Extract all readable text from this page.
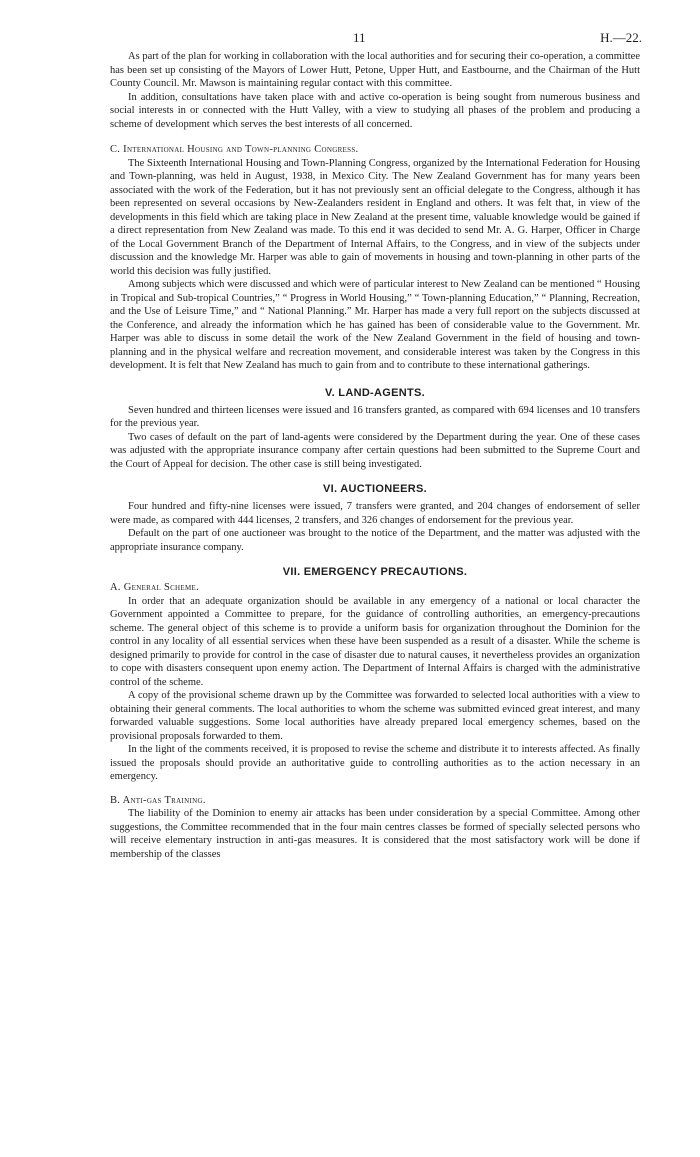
11	H.—22.

As part of the plan for working in collaboration with the local authorities and for securing their co-operation, a committee has been set up consisting of the Mayors of Lower Hutt, Petone, Upper Hutt, and Eastbourne, and the Chairman of the Hutt County Council. Mr. Mawson is maintaining regular contact with this committee.

In addition, consultations have taken place with and active co-operation is being sought from numerous business and social interests in or connected with the Hutt Valley, with a view to studying all phases of the problem and producing a scheme of development which serves the best interests of all concerned.

C. International Housing and Town-planning Congress.

The Sixteenth International Housing and Town-Planning Congress, organized by the International Federation for Housing and Town-planning, was held in August, 1938, in Mexico City. The New Zealand Government has for many years been associated with the work of the Federation, but it has not previously sent an official delegate to the Congress, although it has been represented on several occasions by New-Zealanders resident in England and others. It was felt that, in view of the developments in this field which are taking place in New Zealand at the present time, valuable knowledge would be gained if a direct representation from New Zealand was made. To this end it was decided to send Mr. A. G. Harper, Officer in Charge of the Local Government Branch of the Department of Internal Affairs, to the Congress, and in view of the subjects under discussion and the knowledge Mr. Harper was able to gain of movements in housing and town-planning in other parts of the world this decision was fully justified.

Among subjects which were discussed and which were of particular interest to New Zealand can be mentioned “ Housing in Tropical and Sub-tropical Countries,” “ Progress in World Housing,” “ Town-planning Education,” “ Planning, Recreation, and the Use of Leisure Time,” and “ National Planning.” Mr. Harper has made a very full report on the subjects discussed at the Conference, and already the information which he has gained has been of considerable value to the Government. Mr. Harper was able to discuss in some detail the work of the New Zealand Government in the field of housing and town-planning and in the physical welfare and recreation movement, and considerable interest was taken by the Congress in this development. It is felt that New Zealand has much to gain from and to contribute to these international gatherings.

V. LAND-AGENTS.

Seven hundred and thirteen licenses were issued and 16 transfers granted, as compared with 694 licenses and 10 transfers for the previous year.

Two cases of default on the part of land-agents were considered by the Department during the year. One of these cases was adjusted with the appropriate insurance company after certain questions had been submitted to the Supreme Court and the Court of Appeal for decision. The other case is still being investigated.

VI. AUCTIONEERS.

Four hundred and fifty-nine licenses were issued, 7 transfers were granted, and 204 changes of endorsement of seller were made, as compared with 444 licenses, 2 transfers, and 326 changes of endorsement for the previous year.

Default on the part of one auctioneer was brought to the notice of the Department, and the matter was adjusted with the appropriate insurance company.

VII. EMERGENCY PRECAUTIONS.
A. General Scheme.

In order that an adequate organization should be available in any emergency of a national or local character the Government appointed a Committee to prepare, for the guidance of controlling authorities, an emergency-precautions scheme. The general object of this scheme is to provide a uniform basis for organization throughout the Dominion for the control in any locality of all essential services when these have been suspended as a result of a disaster. While the scheme is designed primarily to provide for control in the case of disaster due to natural causes, it nevertheless provides an organization to cope with disasters consequent upon enemy action. The Department of Internal Affairs is charged with the administrative control of the scheme.

A copy of the provisional scheme drawn up by the Committee was forwarded to selected local authorities with a view to obtaining their general comments. The local authorities to whom the scheme was submitted evinced great interest, and many forwarded valuable suggestions. Some local authorities have already prepared local emergency schemes, based on the provisional proposals forwarded to them.

In the light of the comments received, it is proposed to revise the scheme and distribute it to interests affected. As finally issued the proposals should provide an authoritative guide to controlling authorities as to the action necessary in an emergency.

B. Anti-gas Training.

The liability of the Dominion to enemy air attacks has been under consideration by a special Committee. Among other suggestions, the Committee recommended that in the four main centres classes be formed of specially selected persons who will receive elementary instruction in anti-gas measures. It is considered that the most satisfactory work will be done if membership of the classes
